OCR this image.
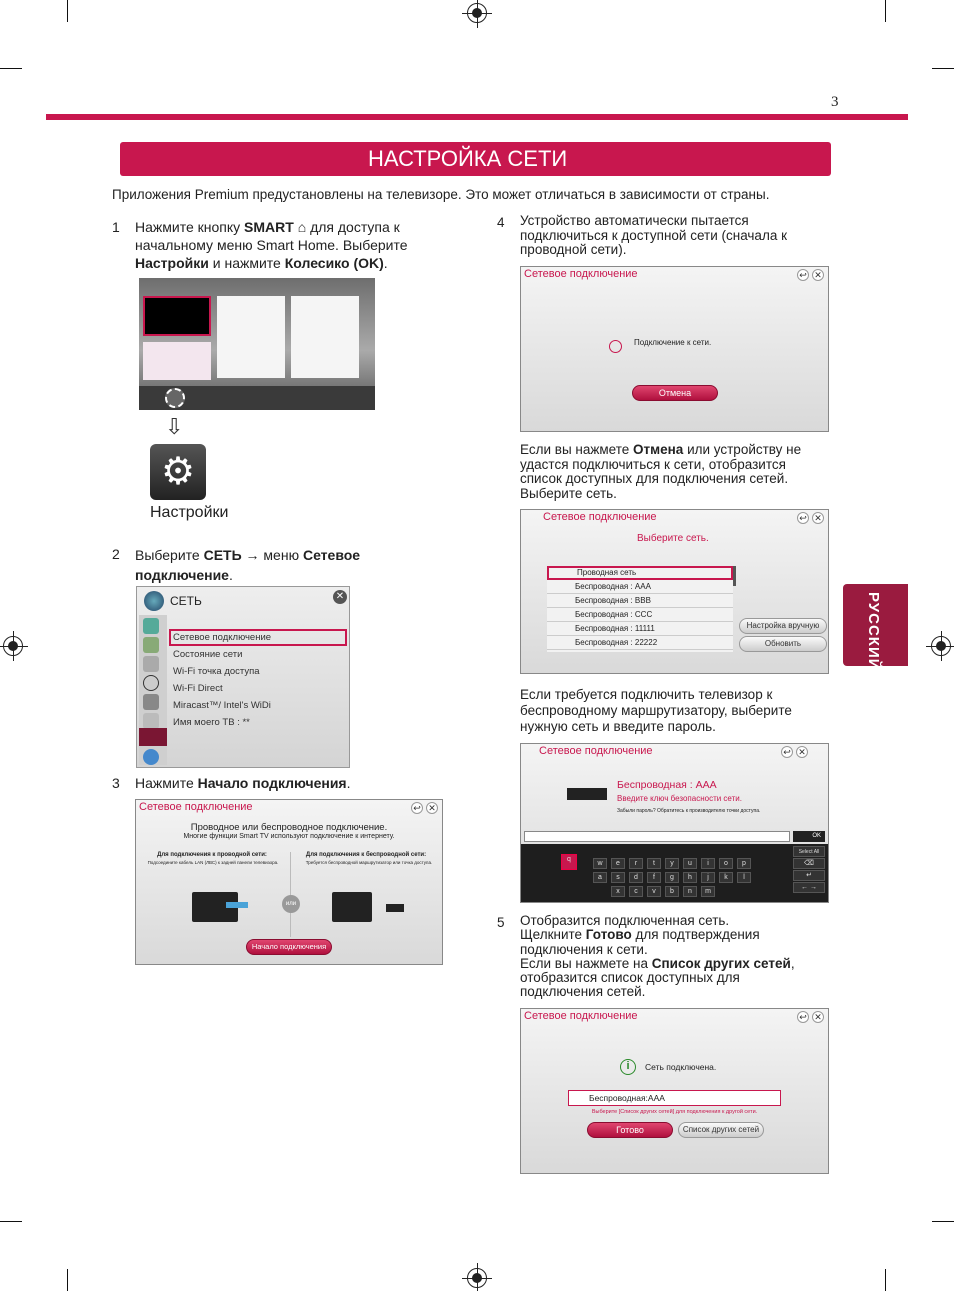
3
НАСТРОЙКА СЕТИ
Приложения Premium предустановлены на телевизоре. Это может отличаться в зависимости от страны.
РУССКИЙ
1 Нажмите кнопку SMART ⌂ для доступа к
начальному меню Smart Home. Выберите
Настройки и нажмите Колесико (OK).
⇩
⚙
Настройки
2 Выберите СЕТЬ → меню Сетевое
подключение.
СЕТЬ	✕
Сетевое подключение
Состояние сети
Wi-Fi точка доступа
Wi-Fi Direct
Miracast™/ Intel's WiDi
Имя моего ТВ : **
3 Нажмите Начало подключения.
Сетевое подключение	↩ ✕
Проводное или беспроводное подключение.
Многие функции Smart TV используют подключение к интернету.
Для подключения к проводной сети:
Подсоедините кабель LAN (ЛВС) к задней панели телевизора.
Для подключения к беспроводной сети:
Требуется беспроводной маршрутизатор или точка доступа.
или
Начало подключения
4 Устройство автоматически пытается
подключиться к доступной сети (сначала к
проводной сети).
Сетевое подключение	↩ ✕
Подключение к сети.
Отмена
Если вы нажмете Отмена или устройству не
удастся подключиться к сети, отобразится
список доступных для подключения сетей.
Выберите сеть.
Сетевое подключение	↩ ✕
Выберите сеть.
Проводная сеть
Беспроводная : AAA
Беспроводная : BBB
Беспроводная : CCC
Беспроводная : 11111
Беспроводная : 22222
Настройка вручную
Обновить
Если требуется подключить телевизор к
беспроводному маршрутизатору, выберите
нужную сеть и введите пароль.
Сетевое подключение	↩ ✕
Беспроводная : AAA
Введите ключ безопасности сети.
Забыли пароль? Обратитесь к производителю точки доступа.
OK
q
w	e	r	t	y	u	i	o	p
a	s	d	f	g	h	j	k	l
x	c	v	b	n	m
Select All
⌫
↵
← →
5 Отобразится подключенная сеть.
Щелкните Готово для подтверждения
подключения к сети.
Если вы нажмете на Список других сетей,
отобразится список доступных для
подключения сетей.
Сетевое подключение	↩ ✕
i	Сеть подключена.
Беспроводная:AAA
Выберите [Список других сетей] для подключения к другой сети.
Готово	Список других сетей
